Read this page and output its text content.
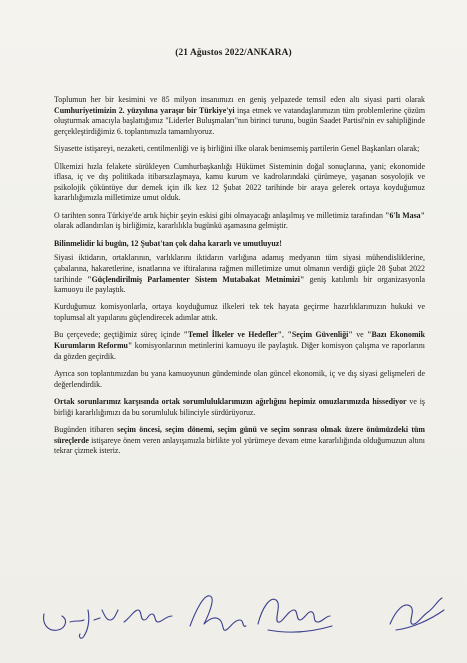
(21 Ağustos 2022/ANKARA)

Toplumun her bir kesimini ve 85 milyon insanımızı en geniş yelpazede temsil eden altı siyasi parti olarak Cumhuriyetimizin 2. yüzyılına yaraşır bir Türkiye'yi inşa etmek ve vatandaşlarımızın tüm problemlerine çözüm oluşturmak amacıyla başlattığımız "Liderler Buluşmaları"nın birinci turunu, bugün Saadet Partisi'nin ev sahipliğinde gerçekleştirdiğimiz 6. toplantımızla tamamlıyoruz.

Siyasette istişareyi, nezaketi, centilmenliği ve iş birliğini ilke olarak benimsemiş partilerin Genel Başkanları olarak;

Ülkemizi hızla felakete sürükleyen Cumhurbaşkanlığı Hükümet Sisteminin doğal sonuçlarına, yani; ekonomide iflasa, iç ve dış politikada itibarsızlaşmaya, kamu kurum ve kadrolarındaki çürümeye, yaşanan sosyolojik ve psikolojik çöküntüye dur demek için ilk kez 12 Şubat 2022 tarihinde bir araya gelerek ortaya koyduğumuz kararlılığımızla milletimize umut olduk.

O tarihten sonra Türkiye'de artık hiçbir şeyin eskisi gibi olmayacağı anlaşılmış ve milletimiz tarafından "6'lı Masa" olarak adlandırılan iş birliğimiz, kararlılıkla bugünkü aşamasına gelmiştir.

Bilinmelidir ki bugün, 12 Şubat'tan çok daha kararlı ve umutluyuz!

Siyasi iktidarın, ortaklarının, varlıklarını iktidarın varlığına adamış medyanın tüm siyasi mühendisliklerine, çabalarına, hakaretlerine, isnatlarına ve iftiralarına rağmen milletimize umut olmanın verdiği güçle 28 Şubat 2022 tarihinde "Güçlendirilmiş Parlamenter Sistem Mutabakat Metnimizi" geniş katılımlı bir organizasyonla kamuoyu ile paylaştık.

Kurduğumuz komisyonlarla, ortaya koyduğumuz ilkeleri tek tek hayata geçirme hazırlıklarımızın hukuki ve toplumsal alt yapılarını güçlendirecek adımlar attık.

Bu çerçevede; geçtiğimiz süreç içinde "Temel İlkeler ve Hedefler", "Seçim Güvenliği" ve "Bazı Ekonomik Kurumların Reformu" komisyonlarının metinlerini kamuoyu ile paylaştık. Diğer komisyon çalışma ve raporlarını da gözden geçirdik.

Ayrıca son toplantımızdan bu yana kamuoyunun gündeminde olan güncel ekonomik, iç ve dış siyasi gelişmeleri de değerlendirdik.

Ortak sorunlarımız karşısında ortak sorumluluklarımızın ağırlığını hepimiz omuzlarımızda hissediyor ve iş birliği kararlılığımızı da bu sorumluluk bilinciyle sürdürüyoruz.

Bugünden itibaren seçim öncesi, seçim dönemi, seçim günü ve seçim sonrası olmak üzere önümüzdeki tüm süreçlerde istişareye önem veren anlayışımızla birlikte yol yürümeye devam etme kararlılığında olduğumuzun altını tekrar çizmek isteriz.
